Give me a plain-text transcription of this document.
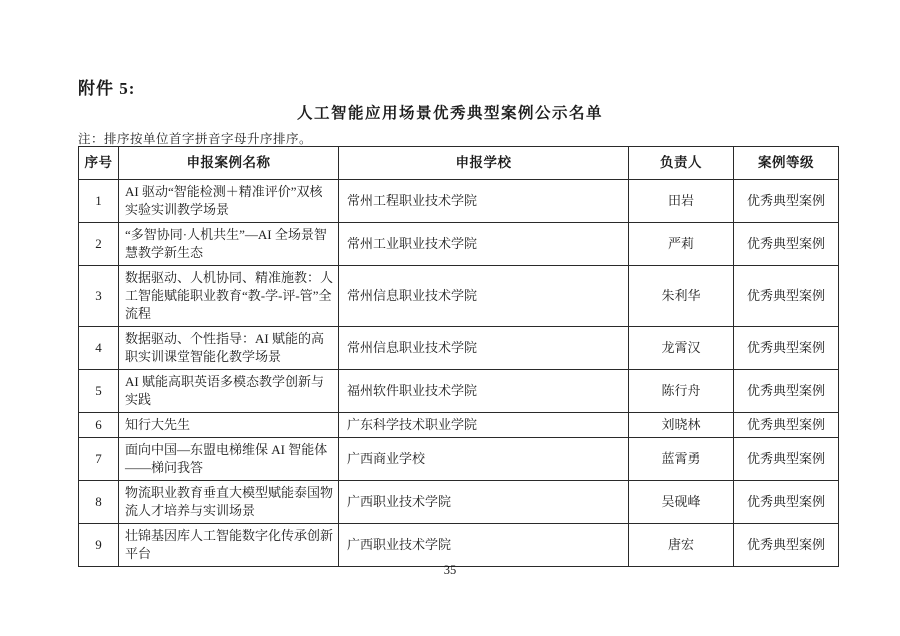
附件 5:
人工智能应用场景优秀典型案例公示名单
注：排序按单位首字拼音字母升序排序。
序号	申报案例名称	申报学校	负责人	案例等级
1	AI 驱动“智能检测＋精准评价”双核实验实训教学场景	常州工程职业技术学院	田岩	优秀典型案例
2	“多智协同·人机共生”—AI 全场景智慧教学新生态	常州工业职业技术学院	严莉	优秀典型案例
3	数据驱动、人机协同、精准施教：人工智能赋能职业教育“教-学-评-管”全流程	常州信息职业技术学院	朱利华	优秀典型案例
4	数据驱动、个性指导：AI 赋能的高职实训课堂智能化教学场景	常州信息职业技术学院	龙霄汉	优秀典型案例
5	AI 赋能高职英语多模态教学创新与实践	福州软件职业技术学院	陈行舟	优秀典型案例
6	知行大先生	广东科学技术职业学院	刘晓林	优秀典型案例
7	面向中国—东盟电梯维保 AI 智能体——梯问我答	广西商业学校	蓝霄勇	优秀典型案例
8	物流职业教育垂直大模型赋能泰国物流人才培养与实训场景	广西职业技术学院	吴砚峰	优秀典型案例
9	壮锦基因库人工智能数字化传承创新平台	广西职业技术学院	唐宏	优秀典型案例
35
